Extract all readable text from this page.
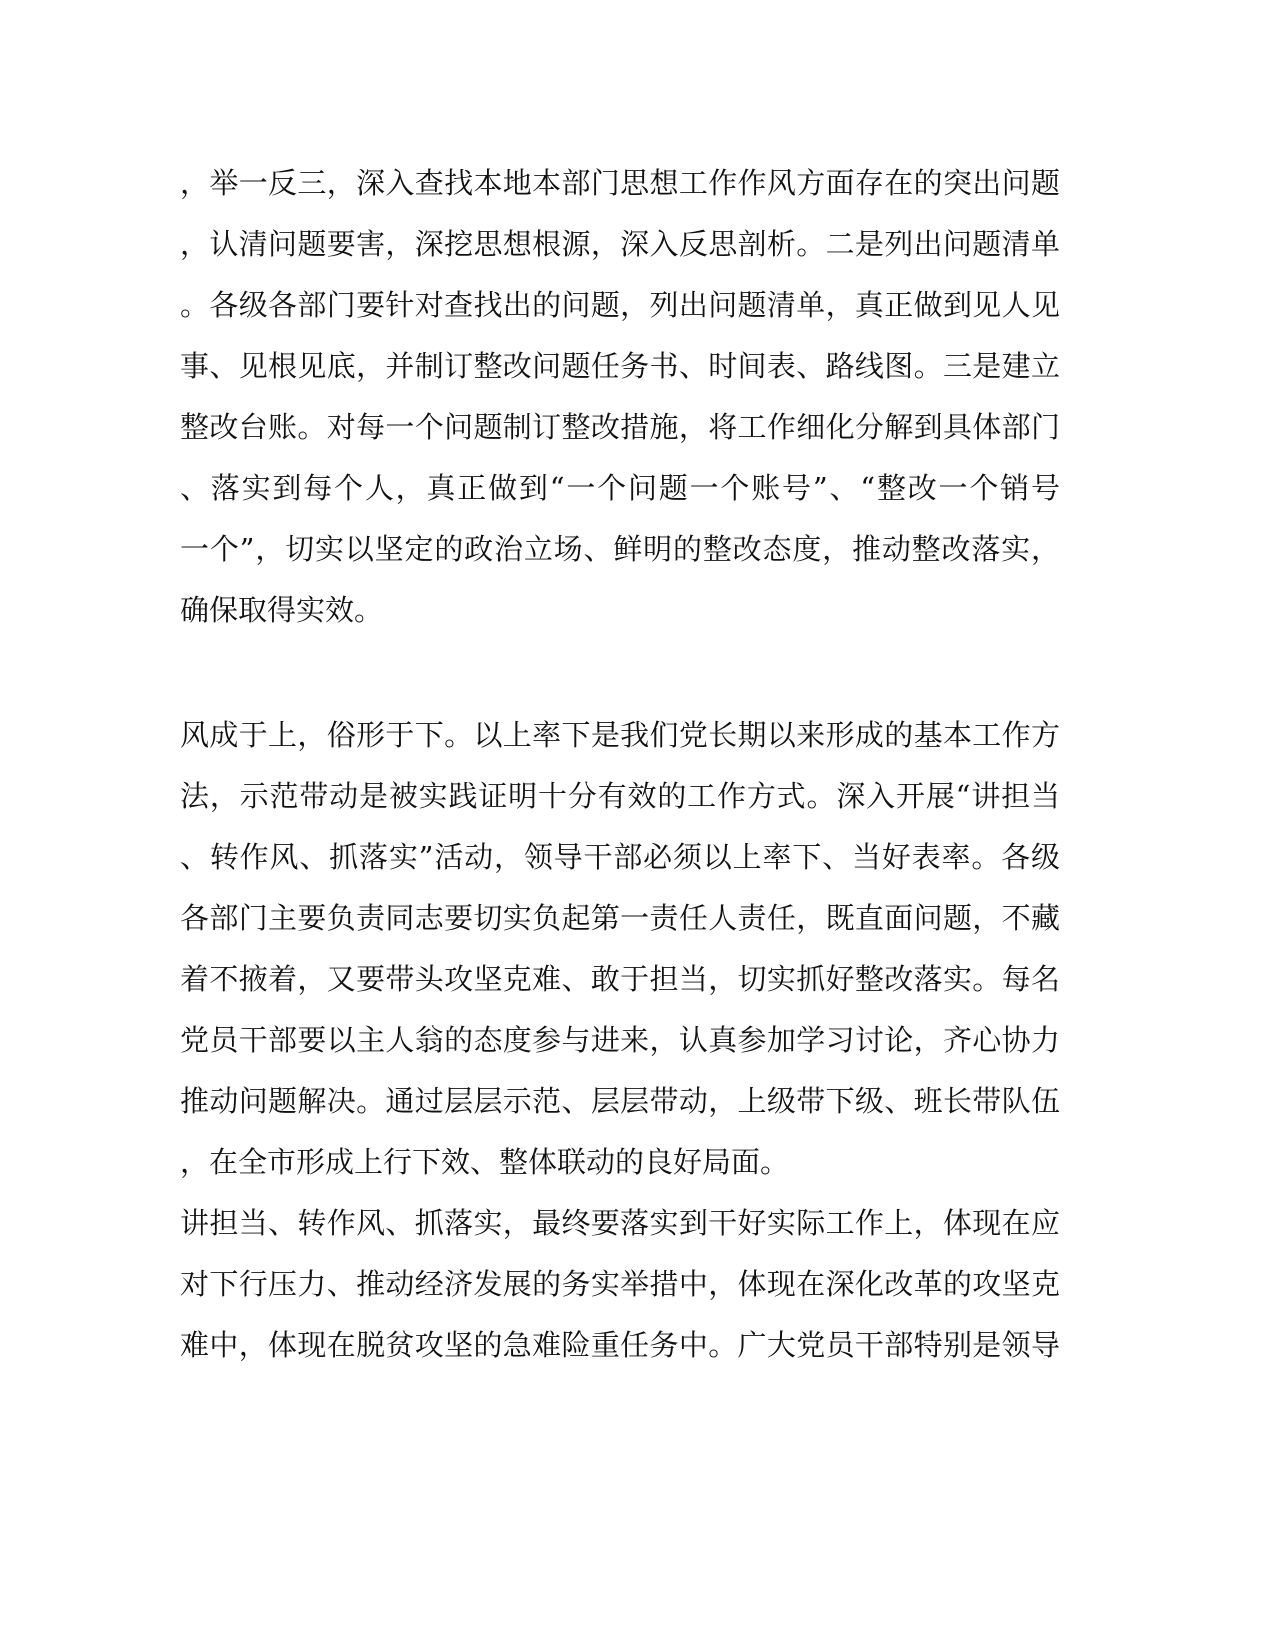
，举一反三，深入查找本地本部门思想工作作风方面存在的突出问题
，认清问题要害，深挖思想根源，深入反思剖析。二是列出问题清单
。各级各部门要针对查找出的问题，列出问题清单，真正做到见人见
事、见根见底，并制订整改问题任务书、时间表、路线图。三是建立
整改台账。对每一个问题制订整改措施，将工作细化分解到具体部门
、落实到每个人，真正做到“一个问题一个账号”、“整改一个销号
一个”，切实以坚定的政治立场、鲜明的整改态度，推动整改落实，
确保取得实效。
风成于上，俗形于下。以上率下是我们党长期以来形成的基本工作方
法，示范带动是被实践证明十分有效的工作方式。深入开展“讲担当
、转作风、抓落实”活动，领导干部必须以上率下、当好表率。各级
各部门主要负责同志要切实负起第一责任人责任，既直面问题，不藏
着不掖着，又要带头攻坚克难、敢于担当，切实抓好整改落实。每名
党员干部要以主人翁的态度参与进来，认真参加学习讨论，齐心协力
推动问题解决。通过层层示范、层层带动，上级带下级、班长带队伍
，在全市形成上行下效、整体联动的良好局面。
讲担当、转作风、抓落实，最终要落实到干好实际工作上，体现在应
对下行压力、推动经济发展的务实举措中，体现在深化改革的攻坚克
难中，体现在脱贫攻坚的急难险重任务中。广大党员干部特别是领导
